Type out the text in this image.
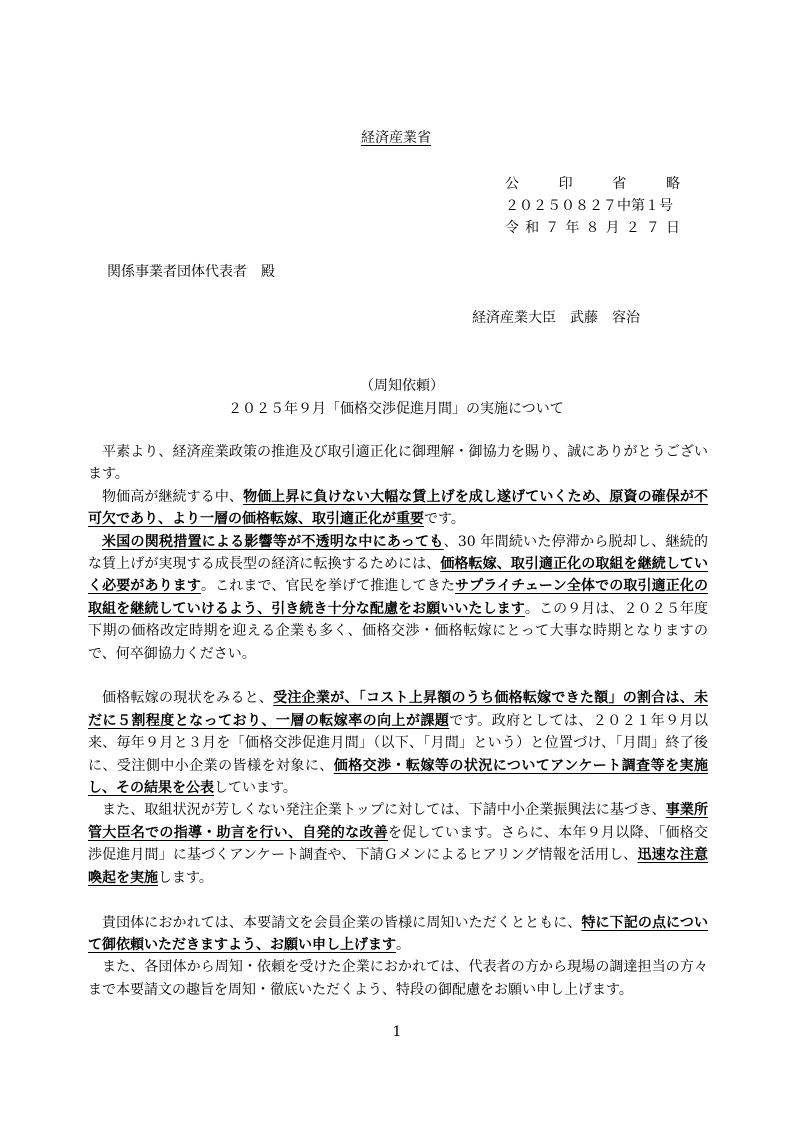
経済産業省
公	印	省	略
２０２５０８２７中第１号
令 和 ７ 年 ８ 月 ２ ７ 日
関係事業者団体代表者　殿
経済産業大臣　武藤　容治
（周知依頼）
２０２５年９月「価格交渉促進月間」の実施について

平素より、経済産業政策の推進及び取引適正化に御理解・御協力を賜り、誠にありがとうございます。

物価高が継続する中、物価上昇に負けない大幅な賃上げを成し遂げていくため、原資の確保が不可欠であり、より一層の価格転嫁、取引適正化が重要です。

米国の関税措置による影響等が不透明な中にあっても、30 年間続いた停滞から脱却し、継続的な賃上げが実現する成長型の経済に転換するためには、価格転嫁、取引適正化の取組を継続していく必要があります。これまで、官民を挙げて推進してきたサプライチェーン全体での取引適正化の取組を継続していけるよう、引き続き十分な配慮をお願いいたします。この９月は、２０２５年度下期の価格改定時期を迎える企業も多く、価格交渉・価格転嫁にとって大事な時期となりますので、何卒御協力ください。

価格転嫁の現状をみると、受注企業が、「コスト上昇額のうち価格転嫁できた額」の割合は、未だに５割程度となっており、一層の転嫁率の向上が課題です。政府としては、２０２１年９月以来、毎年９月と３月を「価格交渉促進月間」（以下、「月間」という）と位置づけ、「月間」終了後に、受注側中小企業の皆様を対象に、価格交渉・転嫁等の状況についてアンケート調査等を実施し、その結果を公表しています。

また、取組状況が芳しくない発注企業トップに対しては、下請中小企業振興法に基づき、事業所管大臣名での指導・助言を行い、自発的な改善を促しています。さらに、本年９月以降、「価格交渉促進月間」に基づくアンケート調査や、下請Ｇメンによるヒアリング情報を活用し、迅速な注意喚起を実施します。

貴団体におかれては、本要請文を会員企業の皆様に周知いただくとともに、特に下記の点について御依頼いただきますよう、お願い申し上げます。

また、各団体から周知・依頼を受けた企業におかれては、代表者の方から現場の調達担当の方々まで本要請文の趣旨を周知・徹底いただくよう、特段の御配慮をお願い申し上げます。

1
